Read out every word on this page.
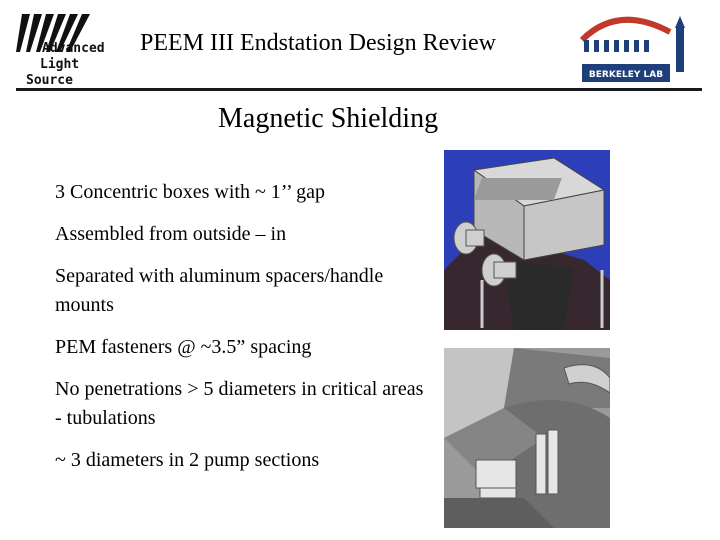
Advanced
Light
Source
PEEM III Endstation Design Review
BERKELEY LAB
Magnetic Shielding
3 Concentric boxes with ~ 1’’ gap
Assembled from outside – in
Separated with aluminum spacers/handle mounts
PEM fasteners @ ~3.5” spacing
No penetrations > 5 diameters in critical areas - tubulations
~ 3 diameters in 2 pump sections
